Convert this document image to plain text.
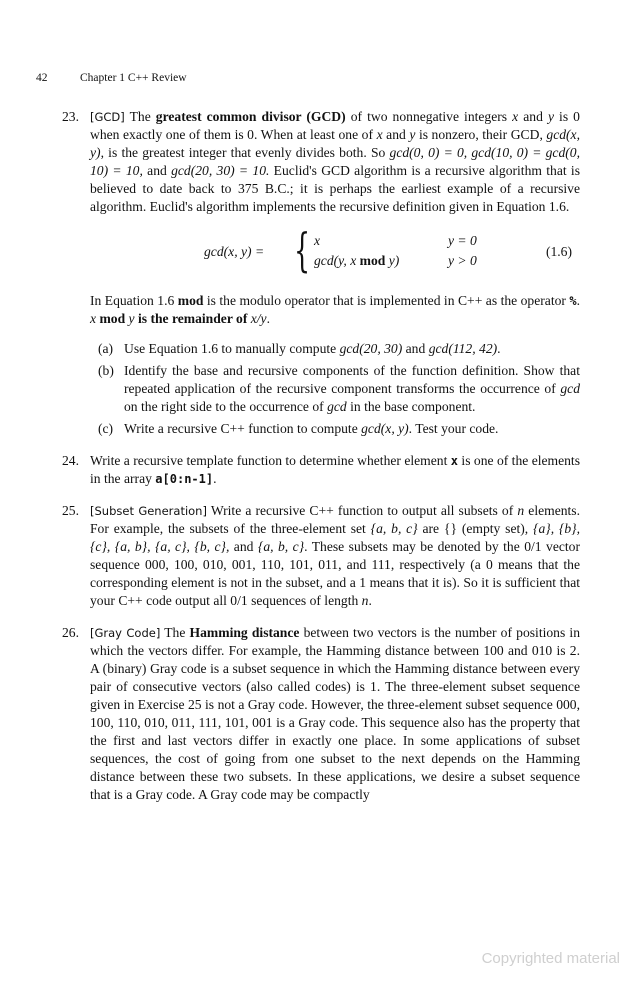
42	Chapter 1 C++ Review
23. [GCD] The greatest common divisor (GCD) of two nonnegative integers x and y is 0 when exactly one of them is 0. When at least one of x and y is nonzero, their GCD, gcd(x, y), is the greatest integer that evenly divides both. So gcd(0, 0) = 0, gcd(10, 0) = gcd(0, 10) = 10, and gcd(20, 30) = 10. Euclid's GCD algorithm is a recursive algorithm that is believed to date back to 375 B.C.; it is perhaps the earliest example of a recursive algorithm. Euclid's algorithm implements the recursive definition given in Equation 1.6.
gcd(x, y) = { x
gcd(y, x mod y)
y = 0
y > 0
(1.6)
In Equation 1.6 mod is the modulo operator that is implemented in C++ as the operator %. x mod y is the remainder of x/y.
(a) Use Equation 1.6 to manually compute gcd(20, 30) and gcd(112, 42).
(b) Identify the base and recursive components of the function definition. Show that repeated application of the recursive component transforms the occurrence of gcd on the right side to the occurrence of gcd in the base component.
(c) Write a recursive C++ function to compute gcd(x, y). Test your code.
24. Write a recursive template function to determine whether element x is one of the elements in the array a[0:n-1].
25. [Subset Generation] Write a recursive C++ function to output all subsets of n elements. For example, the subsets of the three-element set {a, b, c} are {} (empty set), {a}, {b}, {c}, {a, b}, {a, c}, {b, c}, and {a, b, c}. These subsets may be denoted by the 0/1 vector sequence 000, 100, 010, 001, 110, 101, 011, and 111, respectively (a 0 means that the corresponding element is not in the subset, and a 1 means that it is). So it is sufficient that your C++ code output all 0/1 sequences of length n.
26. [Gray Code] The Hamming distance between two vectors is the number of positions in which the vectors differ. For example, the Hamming distance between 100 and 010 is 2. A (binary) Gray code is a subset sequence in which the Hamming distance between every pair of consecutive vectors (also called codes) is 1. The three-element subset sequence given in Exercise 25 is not a Gray code. However, the three-element subset sequence 000, 100, 110, 010, 011, 111, 101, 001 is a Gray code. This sequence also has the property that the first and last vectors differ in exactly one place. In some applications of subset sequences, the cost of going from one subset to the next depends on the Hamming distance between these two subsets. In these applications, we desire a subset sequence that is a Gray code. A Gray code may be compactly
Copyrighted material
